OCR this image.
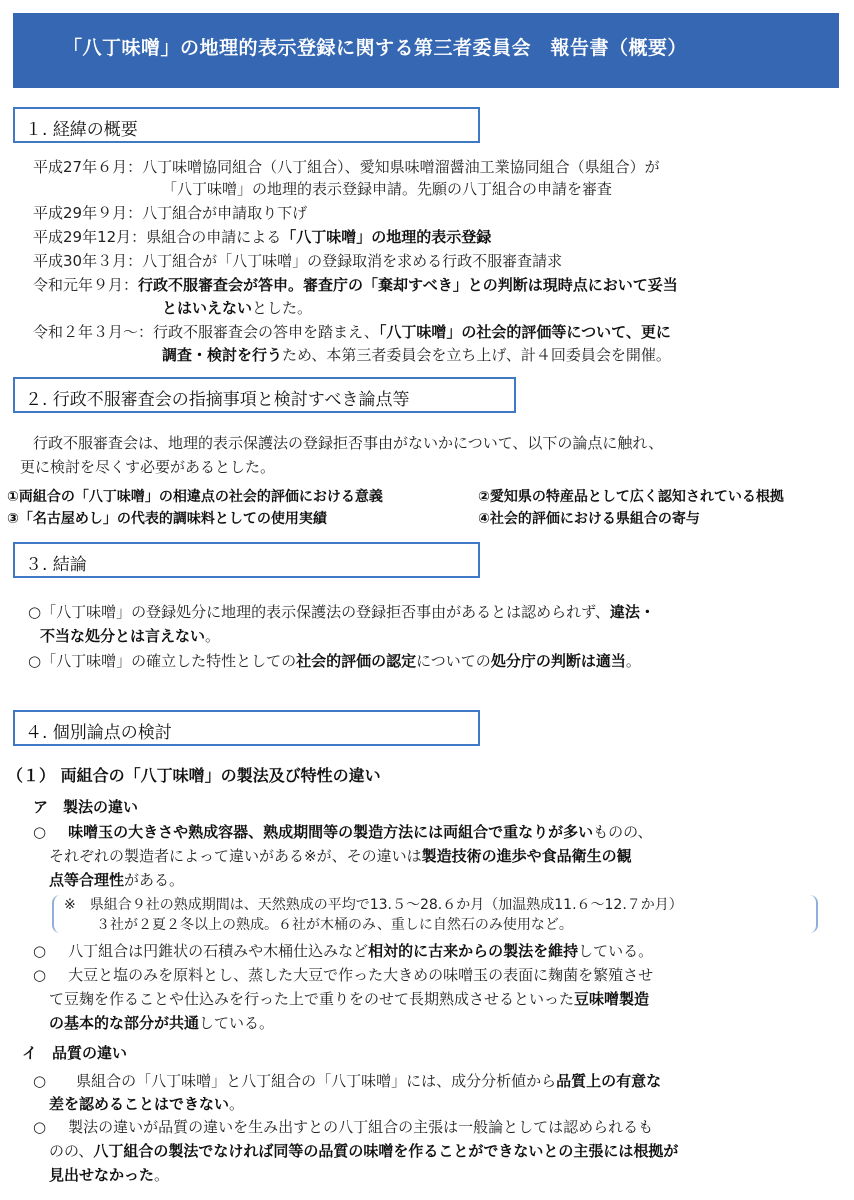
「八丁味噌」の地理的表示登録に関する第三者委員会　報告書（概要）
１. 経緯の概要
平成27年６月：八丁味噌協同組合（八丁組合）、愛知県味噌溜醤油工業協同組合（県組合）が
「八丁味噌」の地理的表示登録申請。先願の八丁組合の申請を審査
平成29年９月：八丁組合が申請取り下げ
平成29年12月：県組合の申請による「八丁味噌」の地理的表示登録
平成30年３月：八丁組合が「八丁味噌」の登録取消を求める行政不服審査請求
令和元年９月：行政不服審査会が答申。審査庁の「棄却すべき」との判断は現時点において妥当
とはいえないとした。
令和２年３月～：行政不服審査会の答申を踏まえ、「八丁味噌」の社会的評価等について、更に
調査・検討を行うため、本第三者委員会を立ち上げ、計４回委員会を開催。
２. 行政不服審査会の指摘事項と検討すべき論点等
行政不服審査会は、地理的表示保護法の登録拒否事由がないかについて、以下の論点に触れ、
更に検討を尽くす必要があるとした。
①両組合の「八丁味噌」の相違点の社会的評価における意義	②愛知県の特産品として広く認知されている根拠
③「名古屋めし」の代表的調味料としての使用実績	④社会的評価における県組合の寄与
３. 結論
○「八丁味噌」の登録処分に地理的表示保護法の登録拒否事由があるとは認められず、違法・
不当な処分とは言えない。
○「八丁味噌」の確立した特性としての社会的評価の認定についての処分庁の判断は適当。
４. 個別論点の検討
（１） 両組合の「八丁味噌」の製法及び特性の違い
ア　製法の違い
○ 味噌玉の大きさや熟成容器、熟成期間等の製造方法には両組合で重なりが多いものの、
それぞれの製造者によって違いがある※が、その違いは製造技術の進歩や食品衛生の観
点等合理性がある。
※ 県組合９社の熟成期間は、天然熟成の平均で13.５～28.６か月（加温熟成11.６～12.７か月）
３社が２夏２冬以上の熟成。６社が木桶のみ、重しに自然石のみ使用など。
○ 八丁組合は円錐状の石積みや木桶仕込みなど相対的に古来からの製法を維持している。
○ 大豆と塩のみを原料とし、蒸した大豆で作った大きめの味噌玉の表面に麹菌を繁殖させ
て豆麹を作ることや仕込みを行った上で重りをのせて長期熟成させるといった豆味噌製造
の基本的な部分が共通している。
イ　品質の違い
○ 県組合の「八丁味噌」と八丁組合の「八丁味噌」には、成分分析値から品質上の有意な
差を認めることはできない。
○ 製法の違いが品質の違いを生み出すとの八丁組合の主張は一般論としては認められるも
のの、八丁組合の製法でなければ同等の品質の味噌を作ることができないとの主張には根拠が
見出せなかった。
